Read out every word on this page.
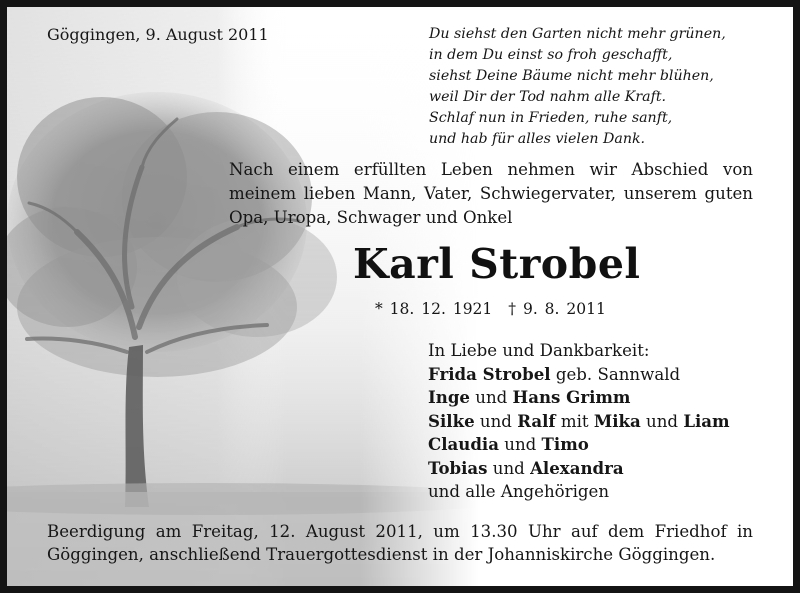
Göggingen, 9. August 2011	Du siehst den Garten nicht mehr grünen,
in dem Du einst so froh geschafft,
siehst Deine Bäume nicht mehr blühen,
weil Dir der Tod nahm alle Kraft.
Schlaf nun in Frieden, ruhe sanft,
und hab für alles vielen Dank.
Nach einem erfüllten Leben nehmen wir Abschied von
meinem lieben Mann, Vater, Schwiegervater, unserem guten
Opa, Uropa, Schwager und Onkel
Karl Strobel
* 18. 12. 1921 † 9. 8. 2011
In Liebe und Dankbarkeit:
Frida Strobel geb. Sannwald
Inge und Hans Grimm
Silke und Ralf mit Mika und Liam
Claudia und Timo
Tobias und Alexandra
und alle Angehörigen
Beerdigung am Freitag, 12. August 2011, um 13.30 Uhr auf dem Friedhof in
Göggingen, anschließend Trauergottesdienst in der Johanniskirche Göggingen.
